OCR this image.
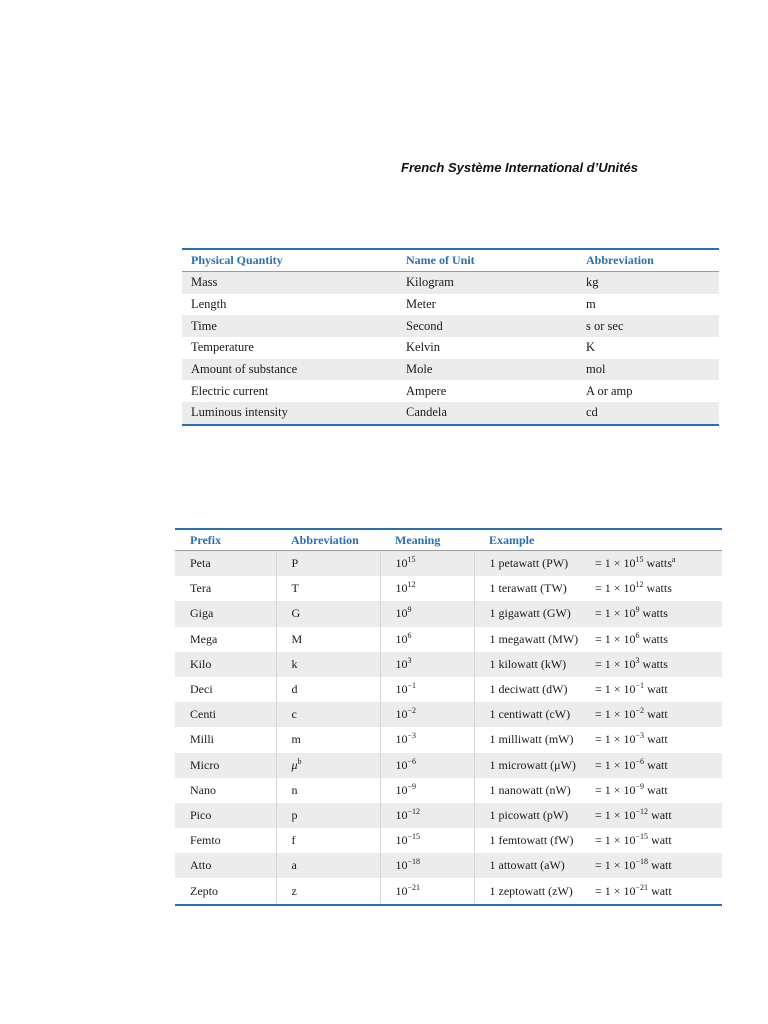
French Système International d’Unités
Physical Quantity	Name of Unit	Abbreviation
Mass	Kilogram	kg
Length	Meter	m
Time	Second	s or sec
Temperature	Kelvin	K
Amount of substance	Mole	mol
Electric current	Ampere	A or amp
Luminous intensity	Candela	cd
Prefix	Abbreviation	Meaning	Example	
Peta	P	$10^{15}$	1 petawatt (PW)	= $1 \times 10^{15}$ watts$^a$
Tera	T	$10^{12}$	1 terawatt (TW)	= $1 \times 10^{12}$ watts
Giga	G	$10^9$	1 gigawatt (GW)	= $1 \times 10^9$ watts
Mega	M	$10^6$	1 megawatt (MW)	= $1 \times 10^6$ watts
Kilo	k	$10^3$	1 kilowatt (kW)	= $1 \times 10^3$ watts
Deci	d	$10^{-1}$	1 deciwatt (dW)	= $1 \times 10^{-1}$ watt
Centi	c	$10^{-2}$	1 centiwatt (cW)	= $1 \times 10^{-2}$ watt
Milli	m	$10^{-3}$	1 milliwatt (mW)	= $1 \times 10^{-3}$ watt
Micro	$\mu^b$	$10^{-6}$	1 microwatt (μW)	= $1 \times 10^{-6}$ watt
Nano	n	$10^{-9}$	1 nanowatt (nW)	= $1 \times 10^{-9}$ watt
Pico	p	$10^{-12}$	1 picowatt (pW)	= $1 \times 10^{-12}$ watt
Femto	f	$10^{-15}$	1 femtowatt (fW)	= $1 \times 10^{-15}$ watt
Atto	a	$10^{-18}$	1 attowatt (aW)	= $1 \times 10^{-18}$ watt
Zepto	z	$10^{-21}$	1 zeptowatt (zW)	= $1 \times 10^{-21}$ watt
